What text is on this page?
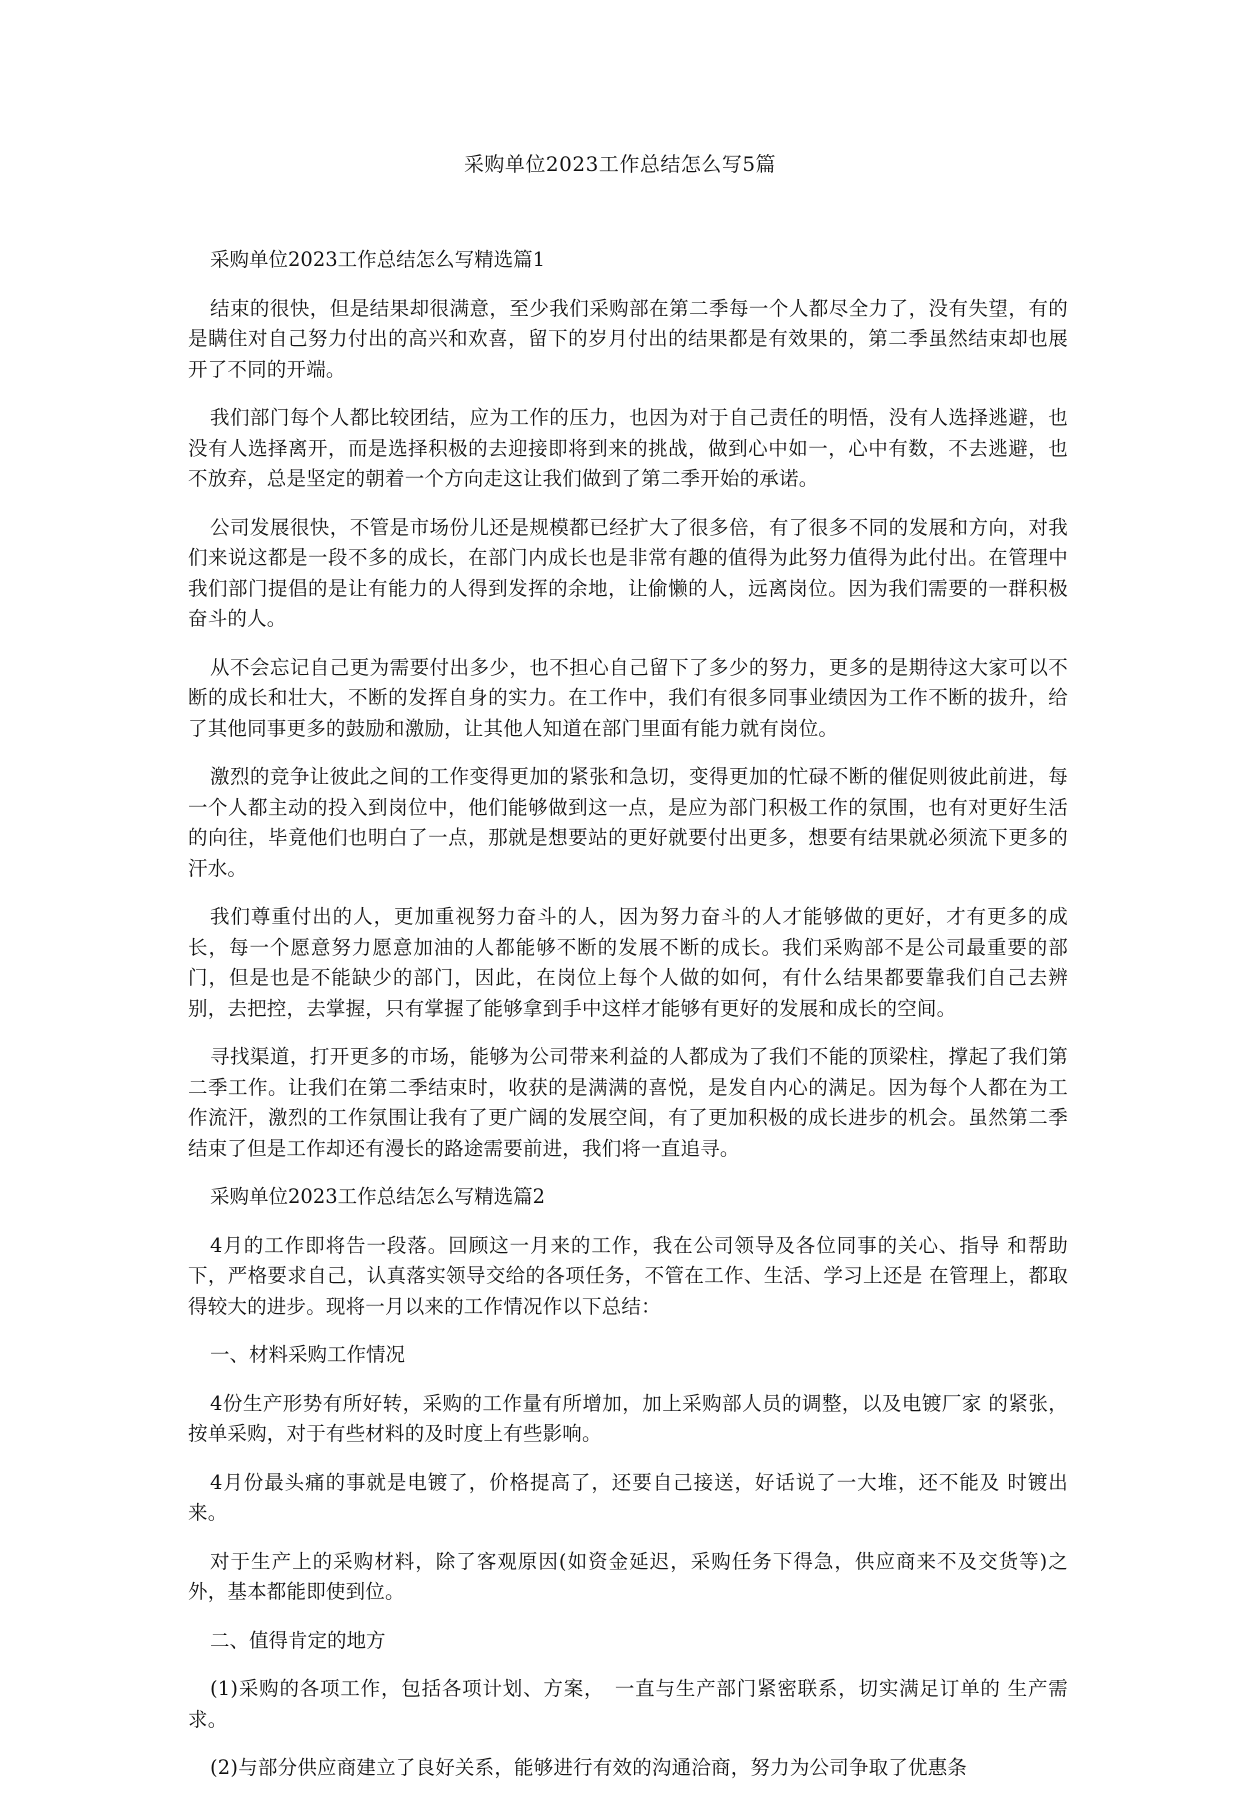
采购单位2023工作总结怎么写5篇

采购单位2023工作总结怎么写精选篇1

结束的很快，但是结果却很满意，至少我们采购部在第二季每一个人都尽全力了，没有失望，有的是瞒住对自己努力付出的高兴和欢喜，留下的岁月付出的结果都是有效果的，第二季虽然结束却也展开了不同的开端。

我们部门每个人都比较团结，应为工作的压力，也因为对于自己责任的明悟，没有人选择逃避，也没有人选择离开，而是选择积极的去迎接即将到来的挑战，做到心中如一，心中有数，不去逃避，也不放弃，总是坚定的朝着一个方向走这让我们做到了第二季开始的承诺。

公司发展很快，不管是市场份儿还是规模都已经扩大了很多倍，有了很多不同的发展和方向，对我们来说这都是一段不多的成长，在部门内成长也是非常有趣的值得为此努力值得为此付出。在管理中我们部门提倡的是让有能力的人得到发挥的余地，让偷懒的人，远离岗位。因为我们需要的一群积极奋斗的人。

从不会忘记自己更为需要付出多少，也不担心自己留下了多少的努力，更多的是期待这大家可以不断的成长和壮大，不断的发挥自身的实力。在工作中，我们有很多同事业绩因为工作不断的拔升，给了其他同事更多的鼓励和激励，让其他人知道在部门里面有能力就有岗位。

激烈的竞争让彼此之间的工作变得更加的紧张和急切，变得更加的忙碌不断的催促则彼此前进，每一个人都主动的投入到岗位中，他们能够做到这一点，是应为部门积极工作的氛围，也有对更好生活的向往，毕竟他们也明白了一点，那就是想要站的更好就要付出更多，想要有结果就必须流下更多的汗水。

我们尊重付出的人，更加重视努力奋斗的人，因为努力奋斗的人才能够做的更好，才有更多的成长，每一个愿意努力愿意加油的人都能够不断的发展不断的成长。我们采购部不是公司最重要的部门，但是也是不能缺少的部门，因此，在岗位上每个人做的如何，有什么结果都要靠我们自己去辨别，去把控，去掌握，只有掌握了能够拿到手中这样才能够有更好的发展和成长的空间。

寻找渠道，打开更多的市场，能够为公司带来利益的人都成为了我们不能的顶梁柱，撑起了我们第二季工作。让我们在第二季结束时，收获的是满满的喜悦，是发自内心的满足。因为每个人都在为工作流汗，激烈的工作氛围让我有了更广阔的发展空间，有了更加积极的成长进步的机会。虽然第二季结束了但是工作却还有漫长的路途需要前进，我们将一直追寻。

采购单位2023工作总结怎么写精选篇2

4月的工作即将告一段落。回顾这一月来的工作，我在公司领导及各位同事的关心、指导 和帮助下，严格要求自己，认真落实领导交给的各项任务，不管在工作、生活、学习上还是 在管理上，都取得较大的进步。现将一月以来的工作情况作以下总结：

一、材料采购工作情况

4份生产形势有所好转，采购的工作量有所增加，加上采购部人员的调整，以及电镀厂家 的紧张，按单采购，对于有些材料的及时度上有些影响。

4月份最头痛的事就是电镀了，价格提高了，还要自己接送，好话说了一大堆，还不能及 时镀出来。

对于生产上的采购材料，除了客观原因(如资金延迟，采购任务下得急，供应商来不及交货等)之外，基本都能即使到位。

二、值得肯定的地方

(1)采购的各项工作，包括各项计划、方案，　一直与生产部门紧密联系，切实满足订单的 生产需求。

(2)与部分供应商建立了良好关系，能够进行有效的沟通洽商，努力为公司争取了优惠条
